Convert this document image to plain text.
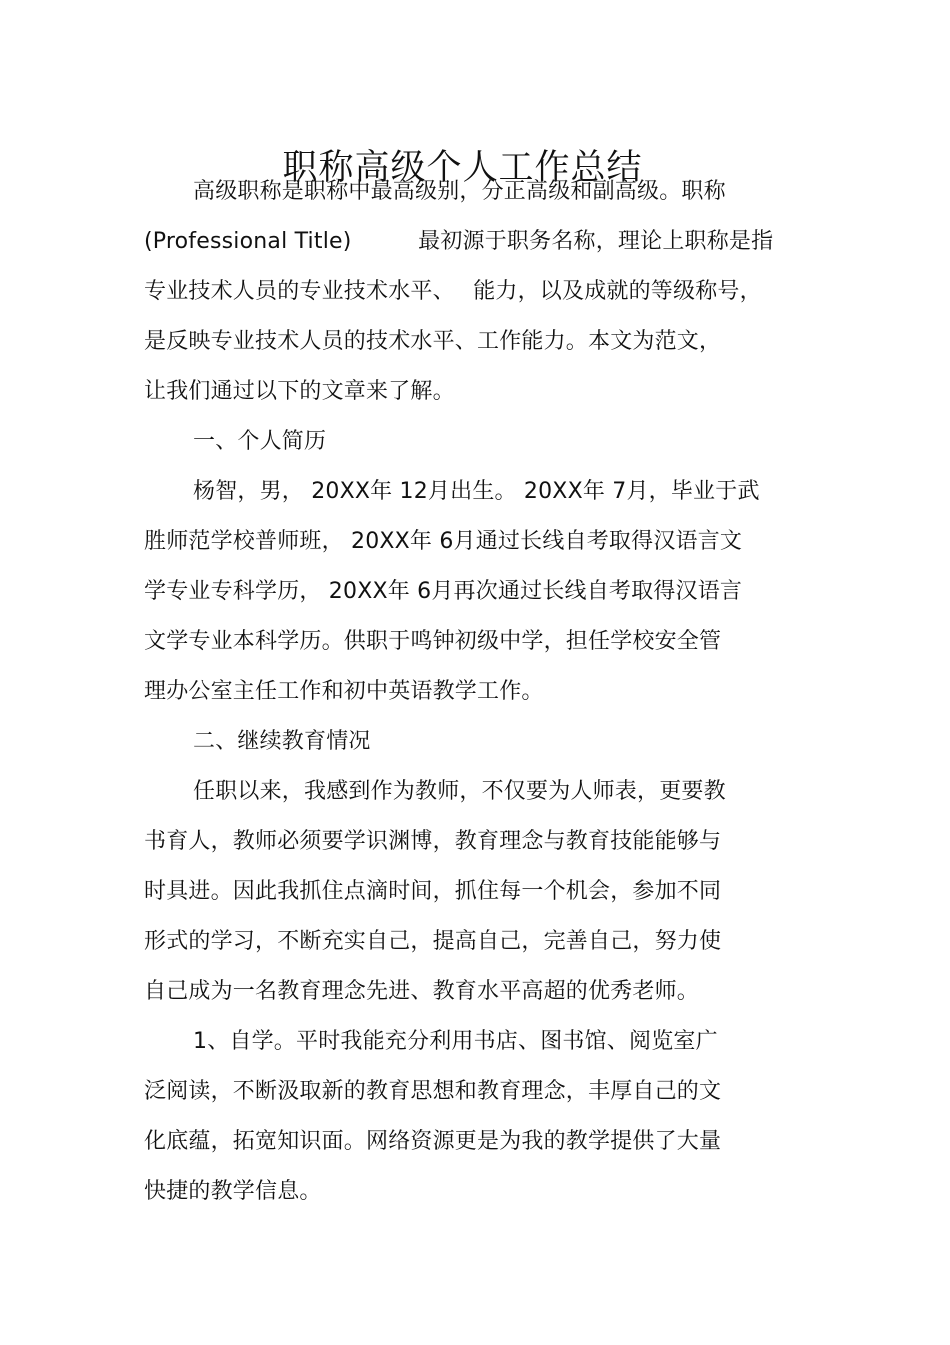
职称高级个人工作总结
高级职称是职称中最高级别，分正高级和副高级。职称
(Professional Title)　　　最初源于职务名称，理论上职称是指
专业技术人员的专业技术水平、　 能力，以及成就的等级称号，
是反映专业技术人员的技术水平、工作能力。本文为范文，
让我们通过以下的文章来了解。
一、个人简历
杨智，男， 20XX年 12月出生。 20XX年 7月，毕业于武
胜师范学校普师班， 20XX年 6月通过长线自考取得汉语言文
学专业专科学历， 20XX年 6月再次通过长线自考取得汉语言
文学专业本科学历。供职于鸣钟初级中学，担任学校安全管
理办公室主任工作和初中英语教学工作。
二、继续教育情况
任职以来，我感到作为教师，不仅要为人师表，更要教
书育人，教师必须要学识渊博，教育理念与教育技能能够与
时具进。因此我抓住点滴时间，抓住每一个机会，参加不同
形式的学习，不断充实自己，提高自己，完善自己，努力使
自己成为一名教育理念先进、教育水平高超的优秀老师。
1、自学。平时我能充分利用书店、图书馆、阅览室广
泛阅读，不断汲取新的教育思想和教育理念，丰厚自己的文
化底蕴，拓宽知识面。网络资源更是为我的教学提供了大量
快捷的教学信息。
